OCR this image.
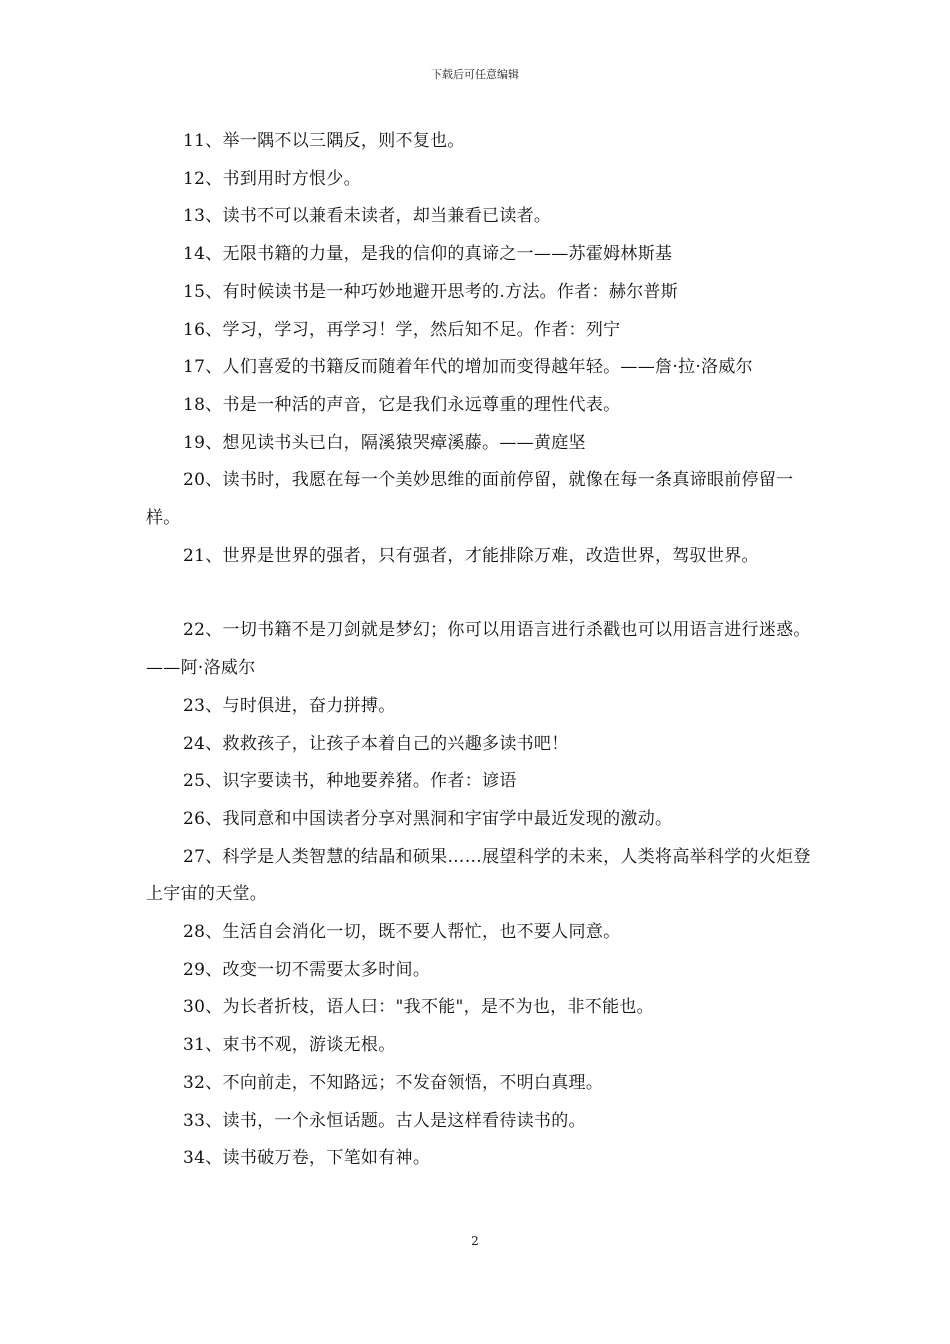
下载后可任意编辑

11、举一隅不以三隅反，则不复也。

12、书到用时方恨少。

13、读书不可以兼看未读者，却当兼看已读者。

14、无限书籍的力量，是我的信仰的真谛之一——苏霍姆林斯基

15、有时候读书是一种巧妙地避开思考的.方法。作者：赫尔普斯

16、学习，学习，再学习！学，然后知不足。作者：列宁

17、人们喜爱的书籍反而随着年代的增加而变得越年轻。——詹·拉·洛威尔

18、书是一种活的声音，它是我们永远尊重的理性代表。

19、想见读书头已白，隔溪猿哭瘴溪藤。——黄庭坚

20、读书时，我愿在每一个美妙思维的面前停留，就像在每一条真谛眼前停留一样。

21、世界是世界的强者，只有强者，才能排除万难，改造世界，驾驭世界。

22、一切书籍不是刀剑就是梦幻；你可以用语言进行杀戳也可以用语言进行迷惑。——阿·洛威尔

23、与时俱进，奋力拼搏。

24、救救孩子，让孩子本着自己的兴趣多读书吧！

25、识字要读书，种地要养猪。作者：谚语

26、我同意和中国读者分享对黑洞和宇宙学中最近发现的激动。

27、科学是人类智慧的结晶和硕果……展望科学的未来，人类将高举科学的火炬登上宇宙的天堂。

28、生活自会消化一切，既不要人帮忙，也不要人同意。

29、改变一切不需要太多时间。

30、为长者折枝，语人曰："我不能"，是不为也，非不能也。

31、束书不观，游谈无根。

32、不向前走，不知路远；不发奋领悟，不明白真理。

33、读书，一个永恒话题。古人是这样看待读书的。

34、读书破万卷，下笔如有神。

2
